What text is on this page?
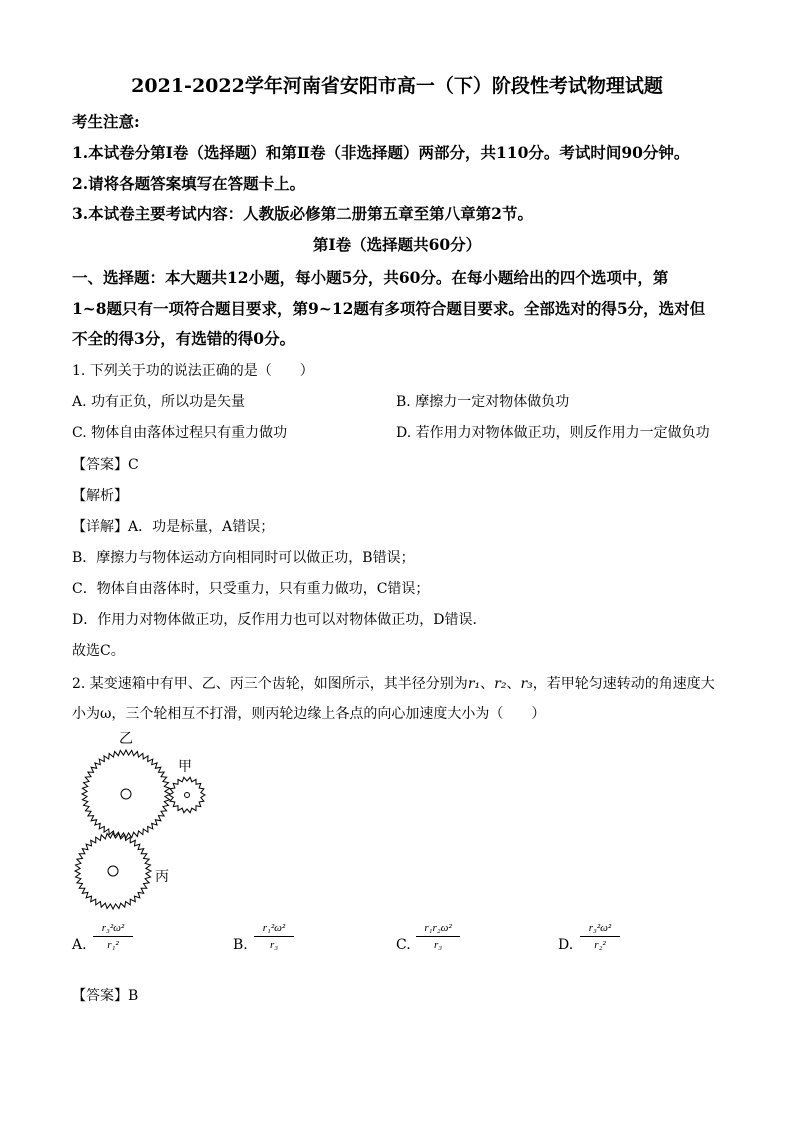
2021-2022学年河南省安阳市高一（下）阶段性考试物理试题
考生注意:
1.本试卷分第Ⅰ卷（选择题）和第Ⅱ卷（非选择题）两部分，共110分。考试时间90分钟。
2.请将各题答案填写在答题卡上。
3.本试卷主要考试内容：人教版必修第二册第五章至第八章第2节。
第Ⅰ卷（选择题共60分）
一、选择题：本大题共12小题，每小题5分，共60分。在每小题给出的四个选项中，第
1~8题只有一项符合题目要求，第9~12题有多项符合题目要求。全部选对的得5分，选对但
不全的得3分，有选错的得0分。
1. 下列关于功的说法正确的是（　　）
A. 功有正负，所以功是矢量	B. 摩擦力一定对物体做负功
C. 物体自由落体过程只有重力做功	D. 若作用力对物体做正功，则反作用力一定做负功
【答案】C
【解析】
【详解】A．功是标量，A错误；
B．摩擦力与物体运动方向相同时可以做正功，B错误；
C．物体自由落体时，只受重力，只有重力做功，C错误；
D．作用力对物体做正功，反作用力也可以对物体做正功，D错误．
故选C。
2. 某变速箱中有甲、乙、丙三个齿轮，如图所示，其半径分别为r₁、r₂、r₃，若甲轮匀速转动的角速度大
小为ω，三个轮相互不打滑，则丙轮边缘上各点的向心加速度大小为（　　）
乙
甲
丙
A.
r₃²ω²
r₁²	B.
r₁²ω²
r₃	C.
r₁r₂ω²
r₃	D.
r₃²ω²
r₂²
【答案】B
